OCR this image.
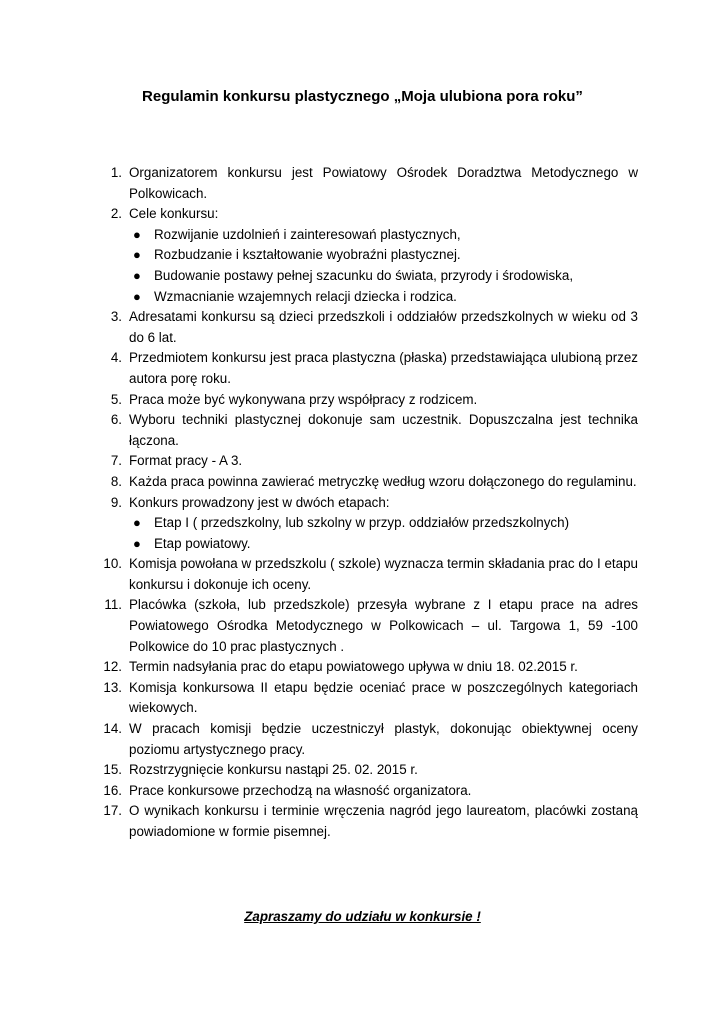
Regulamin konkursu plastycznego „Moja ulubiona pora roku”
1. Organizatorem konkursu jest Powiatowy Ośrodek Doradztwa Metodycznego w Polkowicach.
2. Cele konkursu:
● Rozwijanie uzdolnień i zainteresowań plastycznych,
● Rozbudzanie i kształtowanie wyobraźni plastycznej.
● Budowanie postawy pełnej szacunku do świata, przyrody i środowiska,
● Wzmacnianie wzajemnych relacji dziecka i rodzica.
3. Adresatami konkursu są dzieci przedszkoli i oddziałów przedszkolnych w wieku od 3 do 6 lat.
4. Przedmiotem konkursu jest praca plastyczna (płaska) przedstawiająca ulubioną przez autora porę roku.
5. Praca może być wykonywana przy współpracy z rodzicem.
6. Wyboru techniki plastycznej dokonuje sam uczestnik. Dopuszczalna jest technika łączona.
7. Format pracy - A 3.
8. Każda praca powinna zawierać metryczkę według wzoru dołączonego do regulaminu.
9. Konkurs prowadzony jest w dwóch etapach:
● Etap I ( przedszkolny, lub szkolny w przyp. oddziałów przedszkolnych)
● Etap powiatowy.
10. Komisja powołana w przedszkolu ( szkole) wyznacza termin składania prac do I etapu konkursu i dokonuje ich oceny.
11. Placówka (szkoła, lub przedszkole) przesyła wybrane z I etapu prace na adres Powiatowego Ośrodka Metodycznego w Polkowicach – ul. Targowa 1, 59 -100 Polkowice do 10 prac plastycznych .
12. Termin nadsyłania prac do etapu powiatowego upływa w dniu 18. 02.2015 r.
13. Komisja konkursowa II etapu będzie oceniać prace w poszczególnych kategoriach wiekowych.
14. W pracach komisji będzie uczestniczył plastyk, dokonując obiektywnej oceny poziomu artystycznego pracy.
15. Rozstrzygnięcie konkursu nastąpi 25. 02. 2015 r.
16. Prace konkursowe przechodzą na własność organizatora.
17. O wynikach konkursu i terminie wręczenia nagród jego laureatom, placówki zostaną powiadomione w formie pisemnej.
Zapraszamy do udziału w konkursie !
